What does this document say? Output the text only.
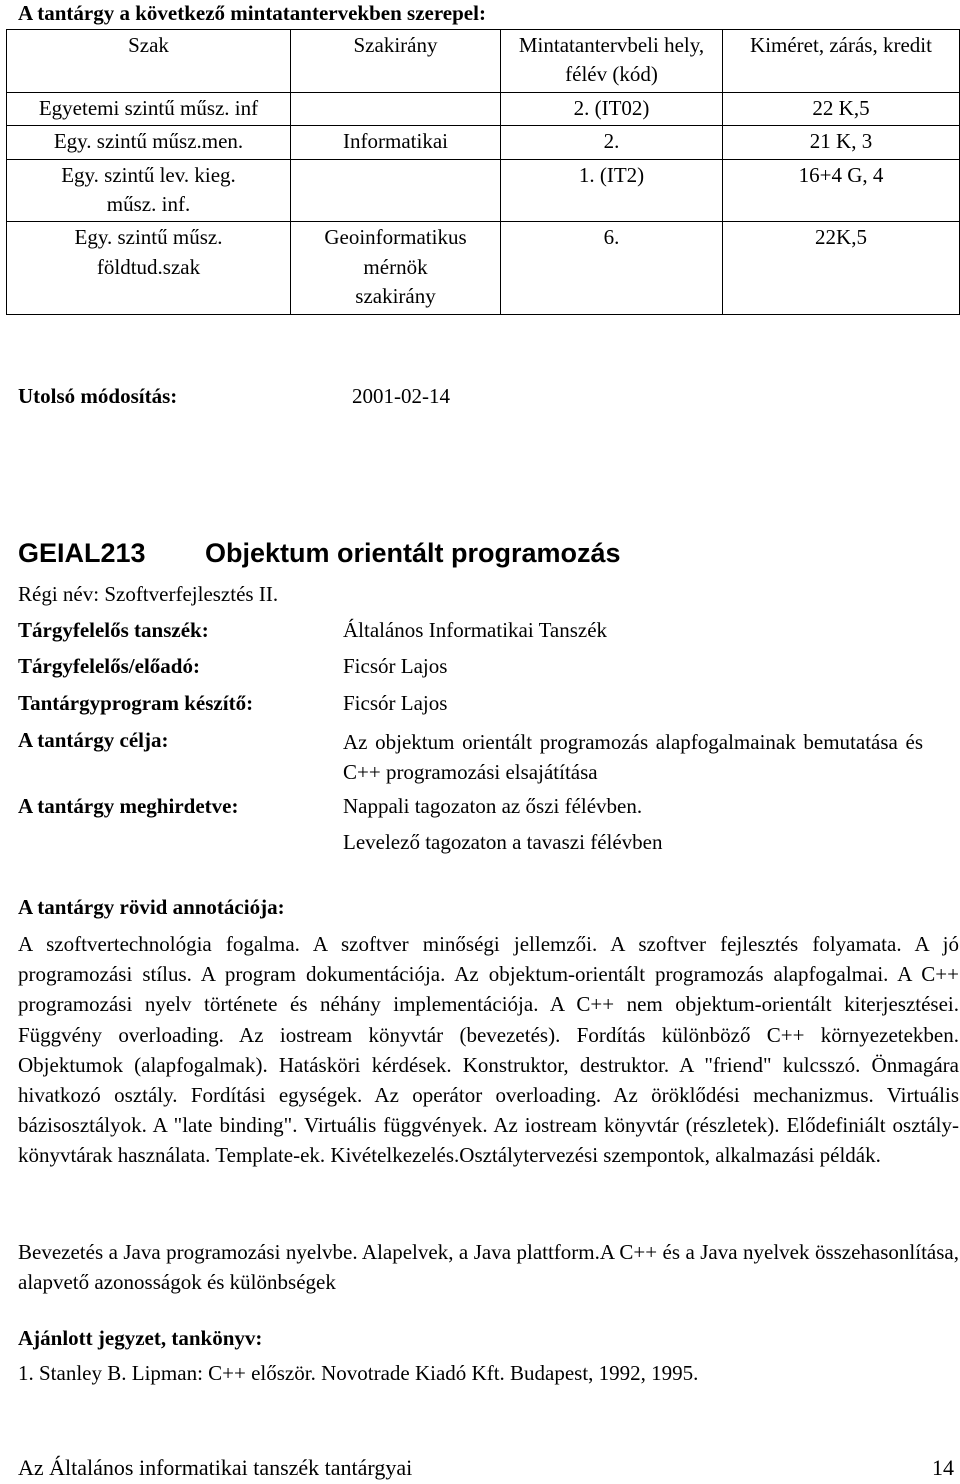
A tantárgy a következő mintatantervekben szerepel:
Szak	Szakirány	Mintatantervbeli hely, félév (kód)	Kiméret, zárás, kredit
Egyetemi szintű műsz. inf		2. (IT02)	22 K,5
Egy. szintű műsz.men.	Informatikai	2.	21 K, 3
Egy. szintű lev. kieg. műsz. inf.		1. (IT2)	16+4 G, 4
Egy. szintű műsz. földtud.szak	Geoinformatikus mérnök szakirány	6.	22K,5
Utolsó módosítás:	2001-02-14
GEIAL213 Objektum orientált programozás
Régi név: Szoftverfejlesztés II.
Tárgyfelelős tanszék:	Általános Informatikai Tanszék
Tárgyfelelős/előadó:	Ficsór Lajos
Tantárgyprogram készítő:	Ficsór Lajos
A tantárgy célja:	Az objektum orientált programozás alapfogalmainak bemutatása és C++ programozási elsajátítása
A tantárgy meghirdetve:	Nappali tagozaton az őszi félévben.
Levelező tagozaton a tavaszi félévben
A tantárgy rövid annotációja:
A szoftvertechnológia fogalma. A szoftver minőségi jellemzői. A szoftver fejlesztés folyamata. A jó programozási stílus. A program dokumentációja. Az objektum-orientált programozás alapfogalmai. A C++ programozási nyelv története és néhány implementációja. A C++ nem objektum-orientált kiterjesztései. Függvény overloading. Az iostream könyvtár (bevezetés). Fordítás különböző C++ környezetekben. Objektumok (alapfogalmak). Hatásköri kérdések. Konstruktor, destruktor. A "friend" kulcsszó. Önmagára hivatkozó osztály. Fordítási egységek. Az operátor overloading. Az öröklődési mechanizmus. Virtuális bázisosztályok. A "late binding". Virtuális függvények. Az iostream könyvtár (részletek). Elődefiniált osztály-könyvtárak használata. Template-ek. Kivételkezelés.Osztálytervezési szempontok, alkalmazási példák.
Bevezetés a Java programozási nyelvbe. Alapelvek, a Java plattform.A C++ és a Java nyelvek összehasonlítása, alapvető azonosságok és különbségek
Ajánlott jegyzet, tankönyv:
1. Stanley B. Lipman: C++ először. Novotrade Kiadó Kft. Budapest, 1992, 1995.
Az Általános informatikai tanszék tantárgyai	14
